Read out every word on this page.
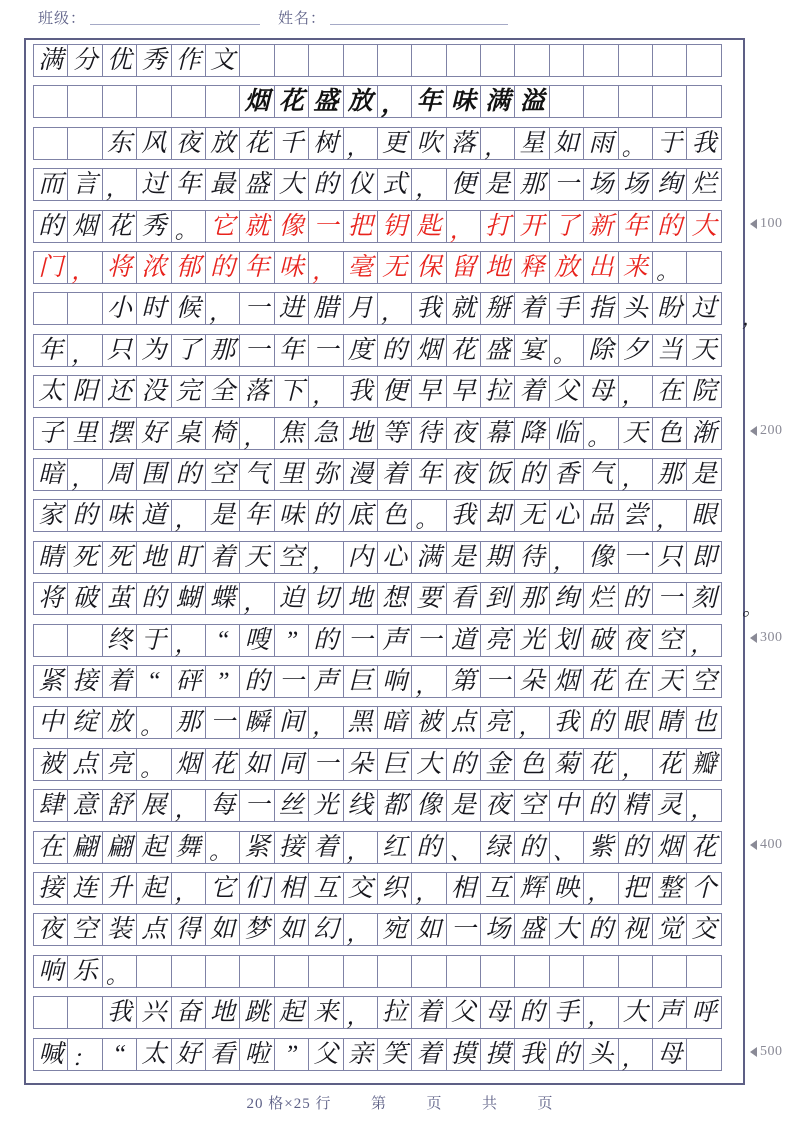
班级：	姓名：
满 分 优 秀 作 文
烟 花 盛 放 ， 年 味 满 溢
东 风 夜 放 花 千 树 ， 更 吹 落 ， 星 如 雨 。 于 我
而 言 ， 过 年 最 盛 大 的 仪 式 ， 便 是 那 一 场 场 绚 烂
的 烟 花 秀 。 它 就 像 一 把 钥 匙 ， 打 开 了 新 年 的 大
门 ， 将 浓 郁 的 年 味 ， 毫 无 保 留 地 释 放 出 来 。
小 时 候 ， 一 进 腊 月 ， 我 就 掰 着 手 指 头 盼 过
年 ， 只 为 了 那 一 年 一 度 的 烟 花 盛 宴 。 除 夕 当 天
太 阳 还 没 完 全 落 下 ， 我 便 早 早 拉 着 父 母 ， 在 院
子 里 摆 好 桌 椅 ， 焦 急 地 等 待 夜 幕 降 临 。 天 色 渐
暗 ， 周 围 的 空 气 里 弥 漫 着 年 夜 饭 的 香 气 ， 那 是
家 的 味 道 ， 是 年 味 的 底 色 。 我 却 无 心 品 尝 ， 眼
睛 死 死 地 盯 着 天 空 ， 内 心 满 是 期 待 ， 像 一 只 即
将 破 茧 的 蝴 蝶 ， 迫 切 地 想 要 看 到 那 绚 烂 的 一 刻
终 于 ， “ 嗖 ” 的 一 声 一 道 亮 光 划 破 夜 空 ，
紧 接 着 “ 砰 ” 的 一 声 巨 响 ， 第 一 朵 烟 花 在 天 空
中 绽 放 。 那 一 瞬 间 ， 黑 暗 被 点 亮 ， 我 的 眼 睛 也
被 点 亮 。 烟 花 如 同 一 朵 巨 大 的 金 色 菊 花 ， 花 瓣
肆 意 舒 展 ， 每 一 丝 光 线 都 像 是 夜 空 中 的 精 灵 ，
在 翩 翩 起 舞 。 紧 接 着 ， 红 的 、 绿 的 、 紫 的 烟 花
接 连 升 起 ， 它 们 相 互 交 织 ， 相 互 辉 映 ， 把 整 个
夜 空 装 点 得 如 梦 如 幻 ， 宛 如 一 场 盛 大 的 视 觉 交
响 乐 。
我 兴 奋 地 跳 起 来 ， 拉 着 父 母 的 手 ， 大 声 呼
喊 ： “ 太 好 看 啦 ” 父 亲 笑 着 摸 摸 我 的 头 ， 母
，
。
100
200
300
400
500
20 格×25 行	第	页	共	页
